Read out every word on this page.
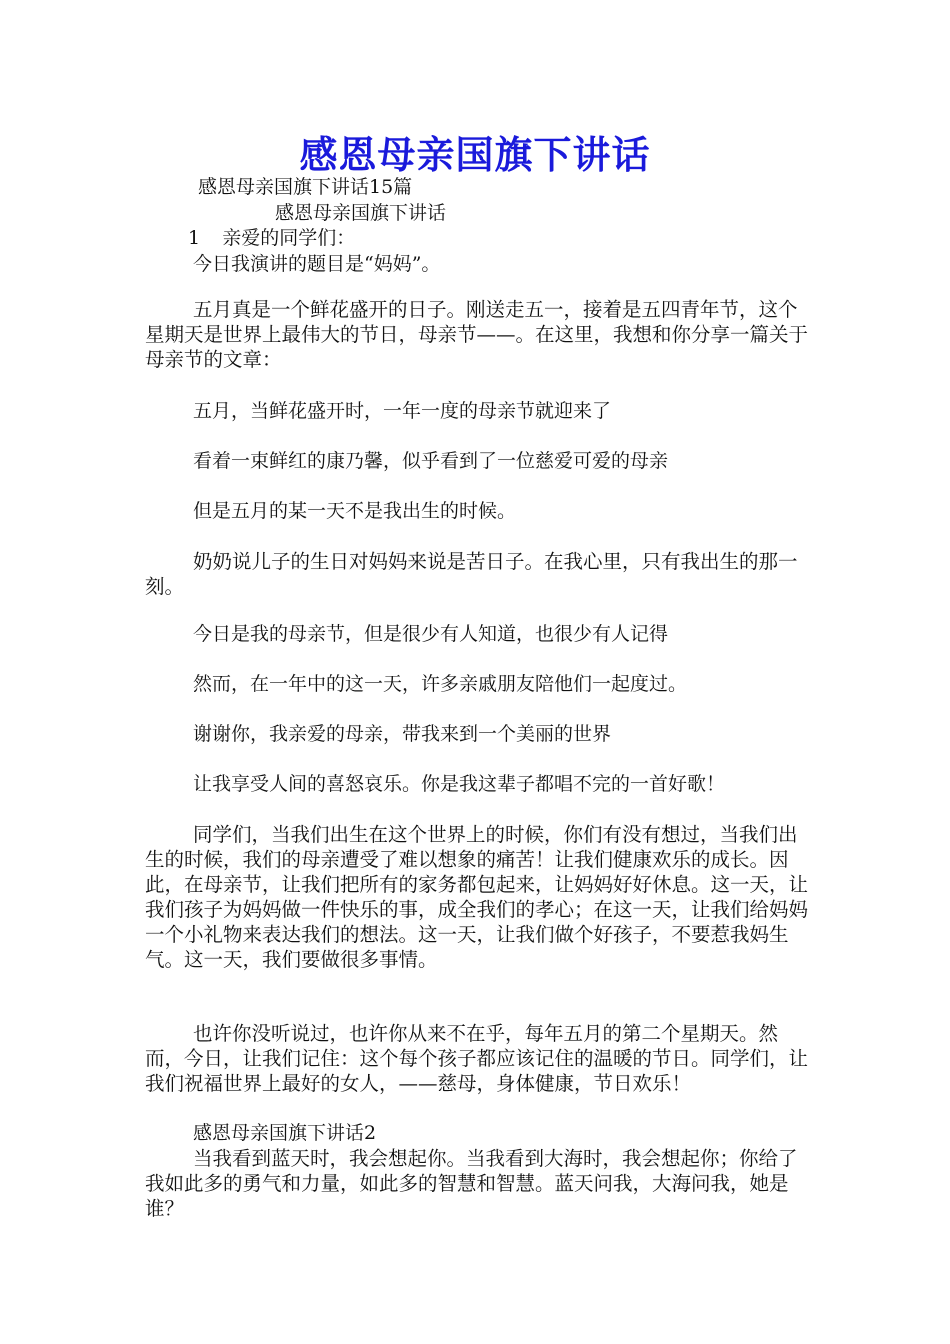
感恩母亲国旗下讲话
感恩母亲国旗下讲话15篇
感恩母亲国旗下讲话
1 亲爱的同学们：
今日我演讲的题目是“妈妈”。
五月真是一个鲜花盛开的日子。刚送走五一，接着是五四青年节，这个星期天是世界上最伟大的节日，母亲节——。在这里，我想和你分享一篇关于母亲节的文章：
五月，当鲜花盛开时，一年一度的母亲节就迎来了
看着一束鲜红的康乃馨，似乎看到了一位慈爱可爱的母亲
但是五月的某一天不是我出生的时候。
奶奶说儿子的生日对妈妈来说是苦日子。在我心里，只有我出生的那一刻。
今日是我的母亲节，但是很少有人知道，也很少有人记得
然而，在一年中的这一天，许多亲戚朋友陪他们一起度过。
谢谢你，我亲爱的母亲，带我来到一个美丽的世界
让我享受人间的喜怒哀乐。你是我这辈子都唱不完的一首好歌！
同学们，当我们出生在这个世界上的时候，你们有没有想过，当我们出生的时候，我们的母亲遭受了难以想象的痛苦！让我们健康欢乐的成长。因此，在母亲节，让我们把所有的家务都包起来，让妈妈好好休息。这一天，让我们孩子为妈妈做一件快乐的事，成全我们的孝心；在这一天，让我们给妈妈一个小礼物来表达我们的想法。这一天，让我们做个好孩子，不要惹我妈生气。这一天，我们要做很多事情。
也许你没听说过，也许你从来不在乎，每年五月的第二个星期天。然而，今日，让我们记住：这个每个孩子都应该记住的温暖的节日。同学们，让我们祝福世界上最好的女人，——慈母，身体健康，节日欢乐！
感恩母亲国旗下讲话2
当我看到蓝天时，我会想起你。当我看到大海时，我会想起你；你给了我如此多的勇气和力量，如此多的智慧和智慧。蓝天问我，大海问我，她是谁？
